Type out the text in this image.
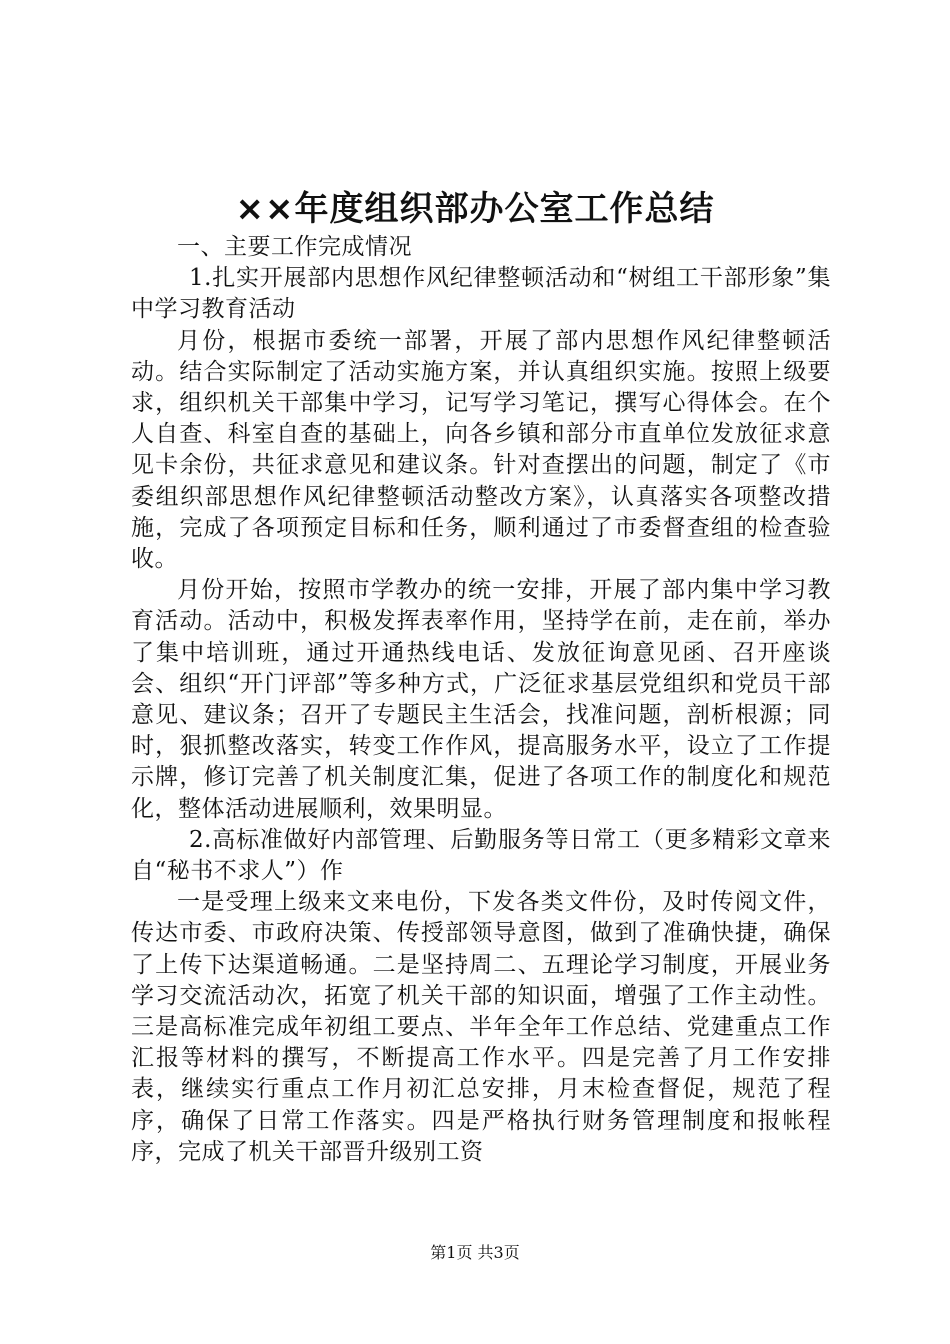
××年度组织部办公室工作总结

一、主要工作完成情况

1.扎实开展部内思想作风纪律整顿活动和“树组工干部形象”集中学习教育活动

月份，根据市委统一部署，开展了部内思想作风纪律整顿活动。结合实际制定了活动实施方案，并认真组织实施。按照上级要求，组织机关干部集中学习，记写学习笔记，撰写心得体会。在个人自查、科室自查的基础上，向各乡镇和部分市直单位发放征求意见卡余份，共征求意见和建议条。针对查摆出的问题，制定了《市委组织部思想作风纪律整顿活动整改方案》，认真落实各项整改措施，完成了各项预定目标和任务，顺利通过了市委督查组的检查验收。

月份开始，按照市学教办的统一安排，开展了部内集中学习教育活动。活动中，积极发挥表率作用，坚持学在前，走在前，举办了集中培训班，通过开通热线电话、发放征询意见函、召开座谈会、组织“开门评部”等多种方式，广泛征求基层党组织和党员干部意见、建议条；召开了专题民主生活会，找准问题，剖析根源；同时，狠抓整改落实，转变工作作风，提高服务水平，设立了工作提示牌，修订完善了机关制度汇集，促进了各项工作的制度化和规范化，整体活动进展顺利，效果明显。

2.高标准做好内部管理、后勤服务等日常工（更多精彩文章来自“秘书不求人”）作

一是受理上级来文来电份，下发各类文件份，及时传阅文件，传达市委、市政府决策、传授部领导意图，做到了准确快捷，确保了上传下达渠道畅通。二是坚持周二、五理论学习制度，开展业务学习交流活动次，拓宽了机关干部的知识面，增强了工作主动性。三是高标准完成年初组工要点、半年全年工作总结、党建重点工作汇报等材料的撰写，不断提高工作水平。四是完善了月工作安排表，继续实行重点工作月初汇总安排，月末检查督促，规范了程序，确保了日常工作落实。四是严格执行财务管理制度和报帐程序，完成了机关干部晋升级别工资

第1页 共3页
